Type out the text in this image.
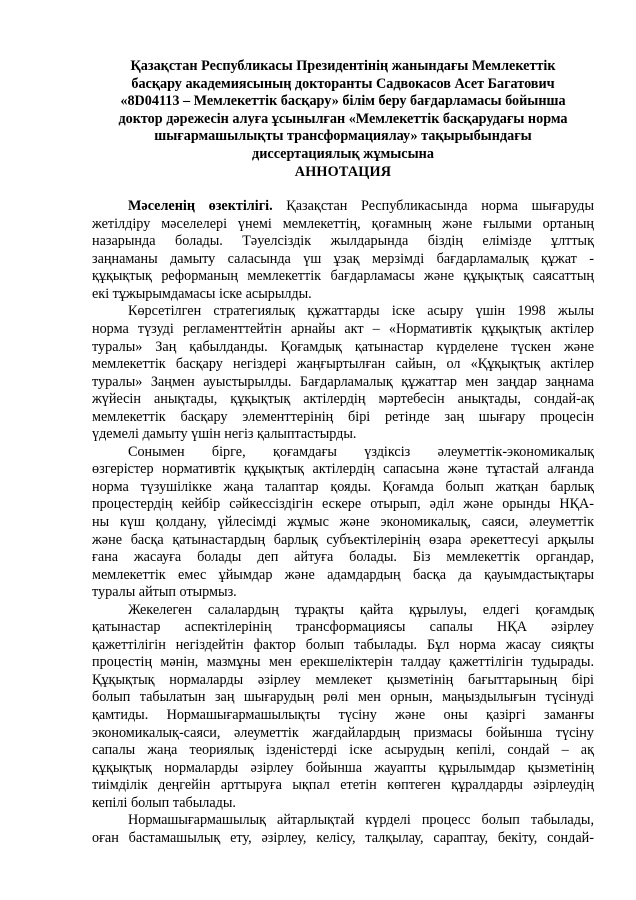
Қазақстан Республикасы Президентінің жанындағы Мемлекеттік
басқару академиясының докторанты Садвокасов Асет Багатович
«8D04113 – Мемлекеттік басқару» білім беру бағдарламасы бойынша
доктор дәрежесін алуға ұсынылған «Мемлекеттік басқарудағы норма
шығармашылықты трансформациялау» тақырыбындағы
диссертациялық жұмысына
АННОТАЦИЯ
Мәселенің өзектілігі. Қазақстан Республикасында норма шығаруды
жетілдіру мәселелері үнемі мемлекеттің, қоғамның және ғылыми ортаның
назарында болады. Тәуелсіздік жылдарында біздің елімізде ұлттық
заңнаманы дамыту саласында үш ұзақ мерзімді бағдарламалық құжат -
құқықтық реформаның мемлекеттік бағдарламасы және құқықтық саясаттың
екі тұжырымдамасы іске асырылды.
Көрсетілген стратегиялық құжаттарды іске асыру үшін 1998 жылы
норма түзуді регламенттейтін арнайы акт – «Нормативтік құқықтық актілер
туралы» Заң қабылданды. Қоғамдық қатынастар күрделене түскен және
мемлекеттік басқару негіздері жаңғыртылған сайын, ол «Құқықтық актілер
туралы» Заңмен ауыстырылды. Бағдарламалық құжаттар мен заңдар заңнама
жүйесін анықтады, құқықтық актілердің мәртебесін анықтады, сондай-ақ
мемлекеттік басқару элементтерінің бірі ретінде заң шығару процесін
үдемелі дамыту үшін негіз қалыптастырды.
Сонымен бірге, қоғамдағы үздіксіз әлеуметтік-экономикалық
өзгерістер нормативтік құқықтық актілердің сапасына және тұтастай алғанда
норма түзушілікке жаңа талаптар қояды. Қоғамда болып жатқан барлық
процестердің кейбір сәйкессіздігін ескере отырып, әділ және орынды НҚА-
ны күш қолдану, үйлесімді жұмыс және экономикалық, саяси, әлеуметтік
және басқа қатынастардың барлық субъектілерінің өзара әрекеттесуі арқылы
ғана жасауға болады деп айтуға болады. Біз мемлекеттік органдар,
мемлекеттік емес ұйымдар және адамдардың басқа да қауымдастықтары
туралы айтып отырмыз.
Жекелеген салалардың тұрақты қайта құрылуы, елдегі қоғамдық
қатынастар аспектілерінің трансформациясы сапалы НҚА әзірлеу
қажеттілігін негіздейтін фактор болып табылады. Бұл норма жасау сияқты
процестің мәнін, мазмұны мен ерекшеліктерін талдау қажеттілігін тудырады.
Құқықтық нормаларды әзірлеу мемлекет қызметінің бағыттарының бірі
болып табылатын заң шығарудың рөлі мен орнын, маңыздылығын түсінуді
қамтиды. Нормашығармашылықты түсіну және оны қазіргі заманғы
экономикалық-саяси, әлеуметтік жағдайлардың призмасы бойынша түсіну
сапалы жаңа теориялық ізденістерді іске асырудың кепілі, сондай – ақ
құқықтық нормаларды әзірлеу бойынша жауапты құрылымдар қызметінің
тиімділік деңгейін арттыруға ықпал ететін көптеген құралдарды әзірлеудің
кепілі болып табылады.
Нормашығармашылық айтарлықтай күрделі процесс болып табылады,
оған бастамашылық ету, әзірлеу, келісу, талқылау, сараптау, бекіту, сондай-
